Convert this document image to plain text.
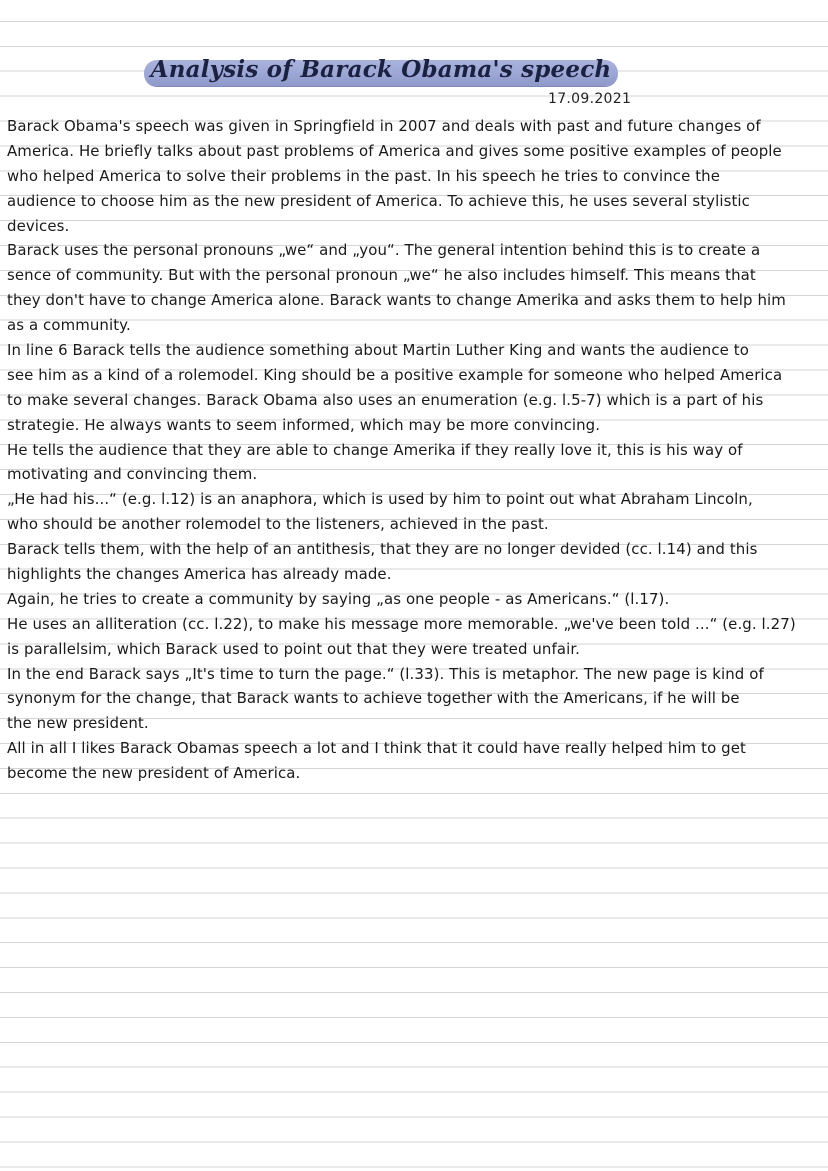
Analysis of Barack Obama's speech
17.09.2021
Barack Obama's speech was given in Springfield in 2007 and deals with past and future changes of
America. He briefly talks about past problems of America and gives some positive examples of people
who helped America to solve their problems in the past. In his speech he tries to convince the
audience to choose him as the new president of America. To achieve this, he uses several stylistic
devices.
Barack uses the personal pronouns „we“ and „you“. The general intention behind this is to create a
sence of community. But with the personal pronoun „we“ he also includes himself. This means that
they don't have to change America alone. Barack wants to change Amerika and asks them to help him
as a community.
In line 6 Barack tells the audience something about Martin Luther King and wants the audience to
see him as a kind of a rolemodel. King should be a positive example for someone who helped America
to make several changes. Barack Obama also uses an enumeration (e.g. l.5-7) which is a part of his
strategie. He always wants to seem informed, which may be more convincing.
He tells the audience that they are able to change Amerika if they really love it, this is his way of
motivating and convincing them.
„He had his...“ (e.g. l.12) is an anaphora, which is used by him to point out what Abraham Lincoln,
who should be another rolemodel to the listeners, achieved in the past.
Barack tells them, with the help of an antithesis, that they are no longer devided (cc. l.14) and this
highlights the changes America has already made.
Again, he tries to create a community by saying „as one people - as Americans.“ (l.17).
He uses an alliteration (cc. l.22), to make his message more memorable. „we've been told ...“ (e.g. l.27)
is parallelsim, which Barack used to point out that they were treated unfair.
In the end Barack says „It's time to turn the page.“ (l.33). This is metaphor. The new page is kind of
synonym for the change, that Barack wants to achieve together with the Americans, if he will be
the new president.
All in all I likes Barack Obamas speech a lot and I think that it could have really helped him to get
become the new president of America.
